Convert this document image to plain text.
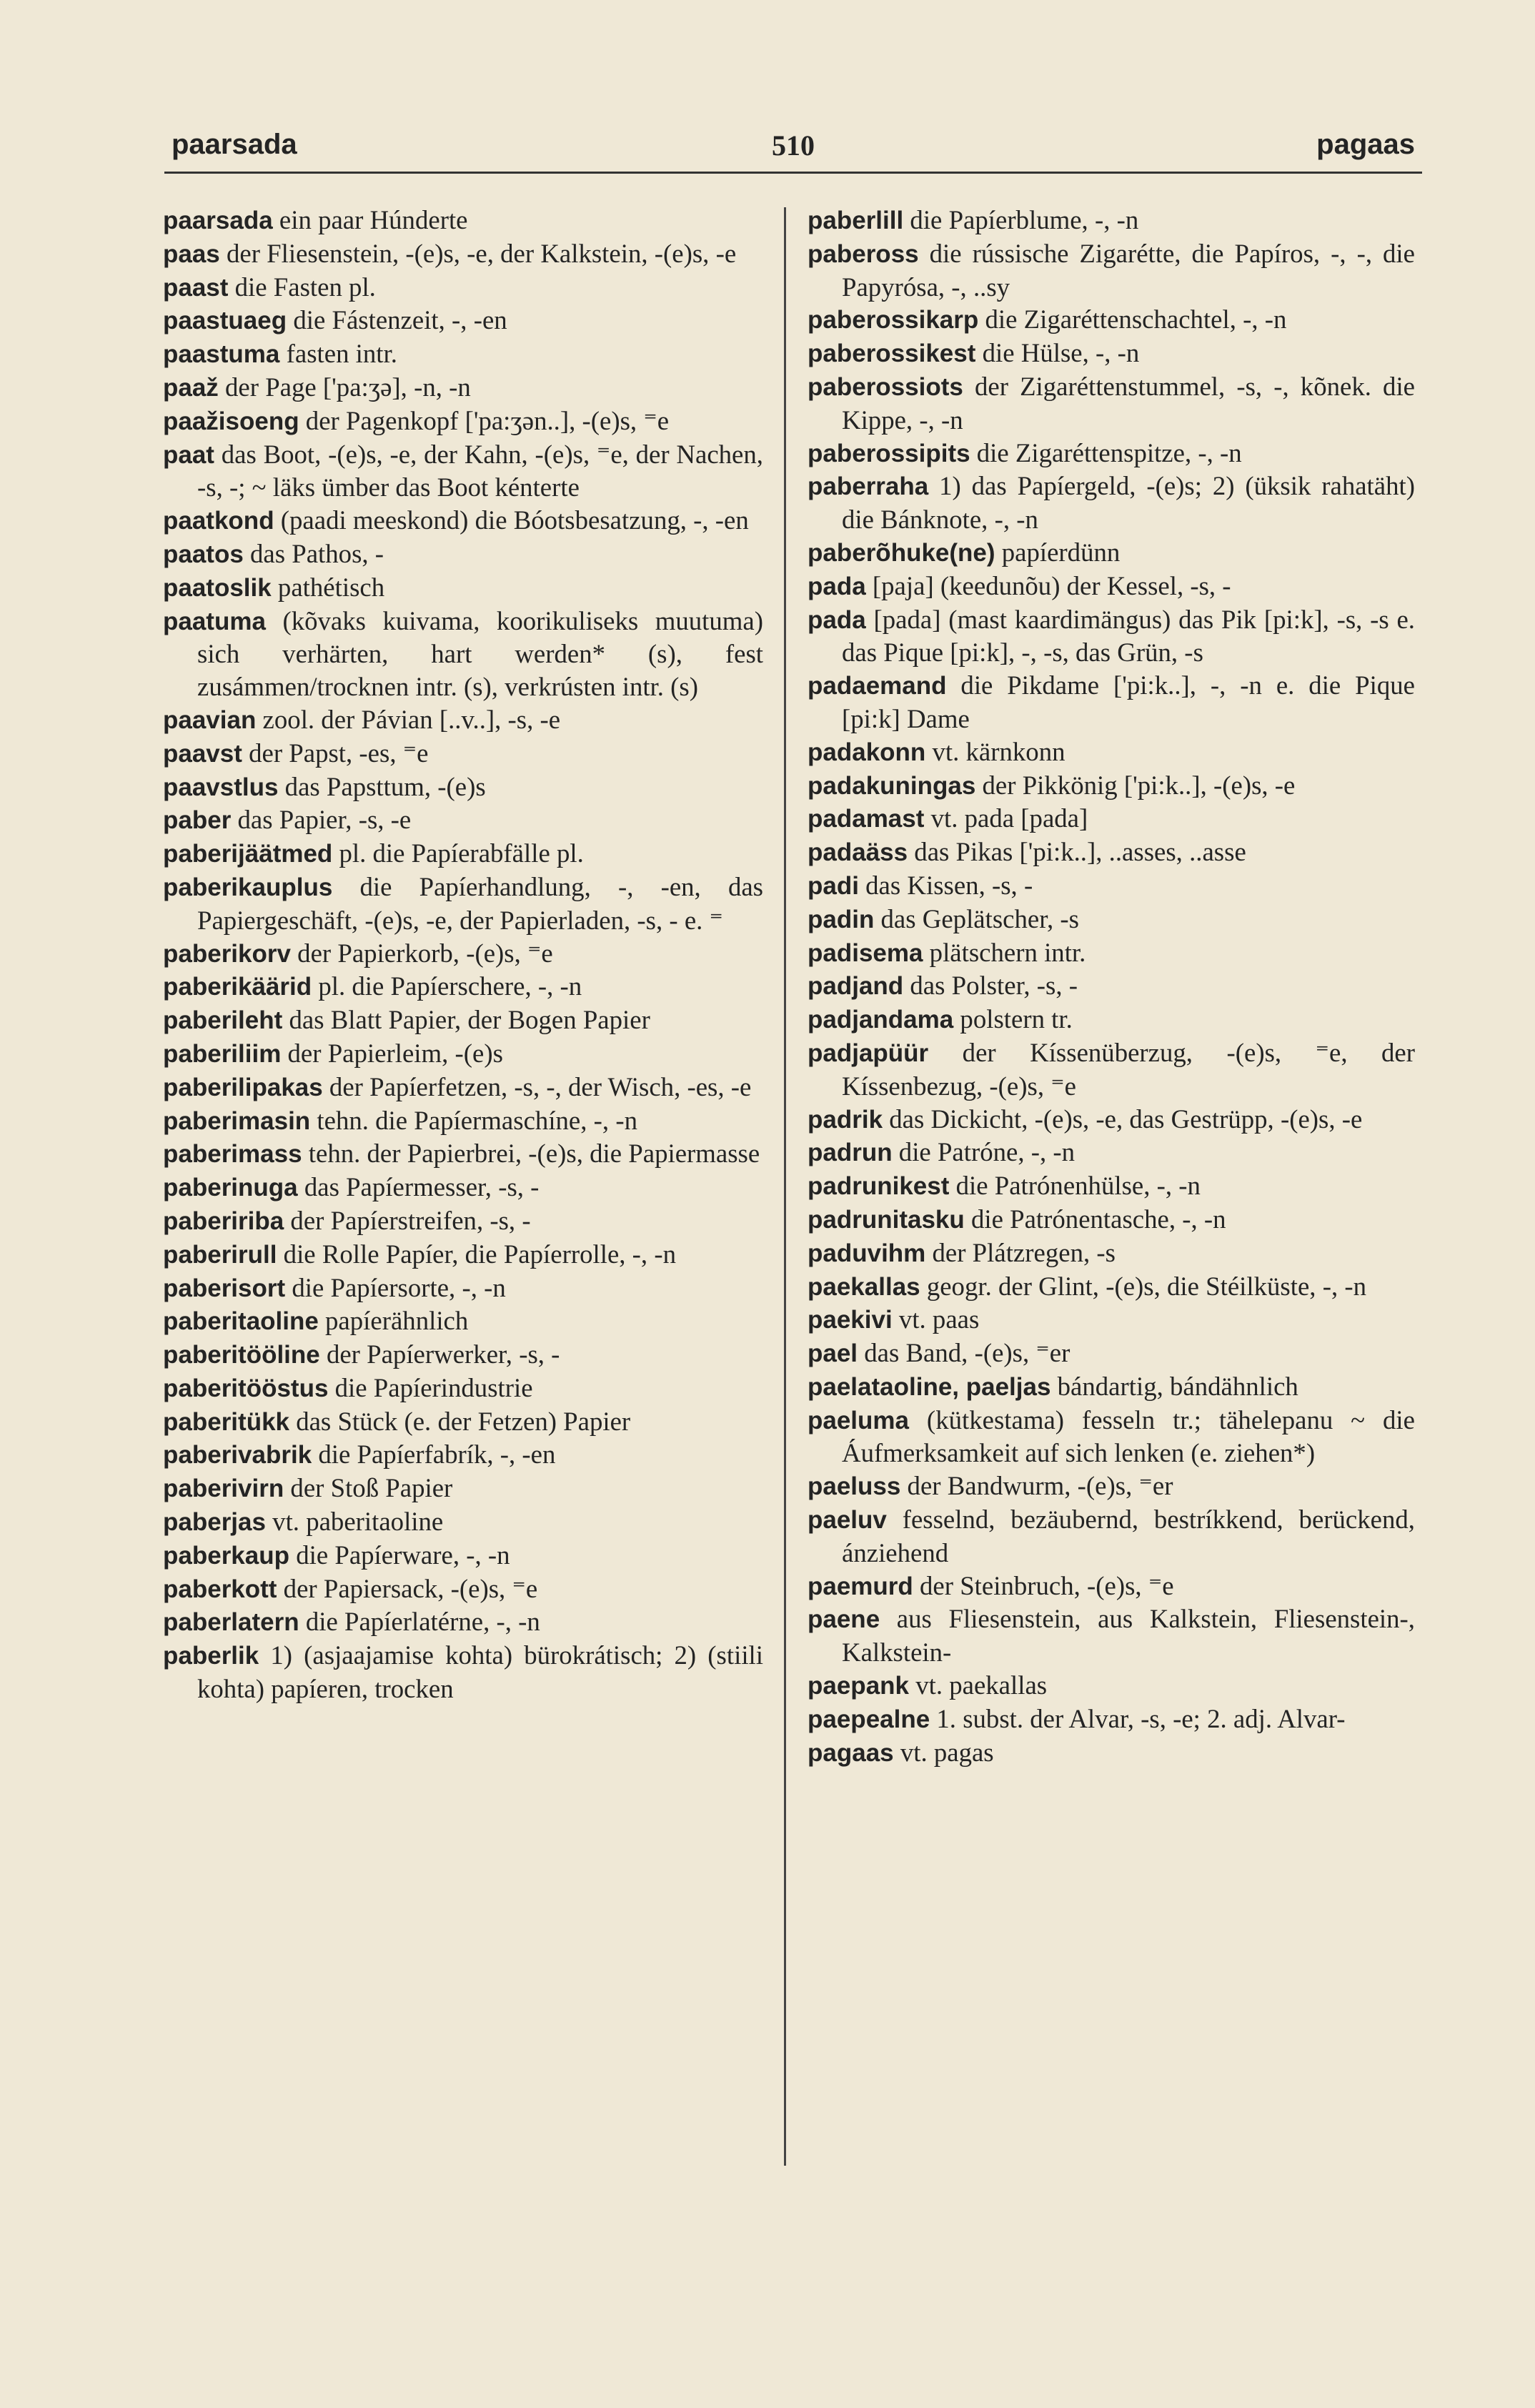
paarsada	510	pagaas

paarsada ein paar Húnderte

paas der Fliesenstein, -(e)s, -e, der Kalkstein, -(e)s, -e

paast die Fasten pl.

paastuaeg die Fástenzeit, -, -en

paastuma fasten intr.

paaž der Page ['pa:ʒə], -n, -n

paažisoeng der Pagenkopf ['pa:ʒən..], -(e)s, ⁼e

paat das Boot, -(e)s, -e, der Kahn, -(e)s, ⁼e, der Nachen, -s, -; ~ läks ümber das Boot kénterte

paatkond (paadi meeskond) die Bóotsbesatzung, -, -en

paatos das Pathos, -

paatoslik pathétisch

paatuma (kõvaks kuivama, koorikuliseks muutuma) sich verhärten, hart werden* (s), fest zusámmen/trocknen intr. (s), verkrústen intr. (s)

paavian zool. der Pávian [..v..], -s, -e

paavst der Papst, -es, ⁼e

paavstlus das Papsttum, -(e)s

paber das Papier, -s, -e

paberijäätmed pl. die Papíerabfälle pl.

paberikauplus die Papíerhandlung, -, -en, das Papiergeschäft, -(e)s, -e, der Papierladen, -s, - e. ⁼

paberikorv der Papierkorb, -(e)s, ⁼e

paberikäärid pl. die Papíerschere, -, -n

paberileht das Blatt Papier, der Bogen Papier

paberiliim der Papierleim, -(e)s

paberilipakas der Papíerfetzen, -s, -, der Wisch, -es, -e

paberimasin tehn. die Papíermaschíne, -, -n

paberimass tehn. der Papierbrei, -(e)s, die Papiermasse

paberinuga das Papíermesser, -s, -

pabeririba der Papíerstreifen, -s, -

paberirull die Rolle Papíer, die Papíerrolle, -, -n

paberisort die Papíersorte, -, -n

paberitaoline papíerähnlich

paberitööline der Papíerwerker, -s, -

paberitööstus die Papíerindustrie

paberitükk das Stück (e. der Fetzen) Papier

paberivabrik die Papíerfabrík, -, -en

paberivirn der Stoß Papier

paberjas vt. paberitaoline

paberkaup die Papíerware, -, -n

paberkott der Papiersack, -(e)s, ⁼e

paberlatern die Papíerlatérne, -, -n

paberlik 1) (asjaajamise kohta) bürokrátisch; 2) (stiili kohta) papíeren, trocken

paberlill die Papíerblume, -, -n

pabeross die rússische Zigarétte, die Papíros, -, -, die Papyrósa, -, ..sy

paberossikarp die Zigaréttenschachtel, -, -n

paberossikest die Hülse, -, -n

paberossiots der Zigaréttenstummel, -s, -, kõnek. die Kippe, -, -n

paberossipits die Zigaréttenspitze, -, -n

paberraha 1) das Papíergeld, -(e)s; 2) (üksik rahatäht) die Bánknote, -, -n

paberõhuke(ne) papíerdünn

pada [paja] (keedunõu) der Kessel, -s, -

pada [pada] (mast kaardimängus) das Pik [pi:k], -s, -s e. das Pique [pi:k], -, -s, das Grün, -s

padaemand die Pikdame ['pi:k..], -, -n e. die Pique [pi:k] Dame

padakonn vt. kärnkonn

padakuningas der Pikkönig ['pi:k..], -(e)s, -e

padamast vt. pada [pada]

padaäss das Pikas ['pi:k..], ..asses, ..asse

padi das Kissen, -s, -

padin das Geplätscher, -s

padisema plätschern intr.

padjand das Polster, -s, -

padjandama polstern tr.

padjapüür der Kíssenüberzug, -(e)s, ⁼e, der Kíssenbezug, -(e)s, ⁼e

padrik das Dickicht, -(e)s, -e, das Gestrüpp, -(e)s, -e

padrun die Patróne, -, -n

padrunikest die Patrónenhülse, -, -n

padrunitasku die Patrónentasche, -, -n

paduvihm der Plátzregen, -s

paekallas geogr. der Glint, -(e)s, die Stéilküste, -, -n

paekivi vt. paas

pael das Band, -(e)s, ⁼er

paelataoline, paeljas bándartig, bándähnlich

paeluma (kütkestama) fesseln tr.; tähelepanu ~ die Áufmerksamkeit auf sich lenken (e. ziehen*)

paeluss der Bandwurm, -(e)s, ⁼er

paeluv fesselnd, bezäubernd, bestríkkend, berückend, ánziehend

paemurd der Steinbruch, -(e)s, ⁼e

paene aus Fliesenstein, aus Kalkstein, Fliesenstein-, Kalkstein-

paepank vt. paekallas

paepealne 1. subst. der Alvar, -s, -e; 2. adj. Alvar-

pagaas vt. pagas
